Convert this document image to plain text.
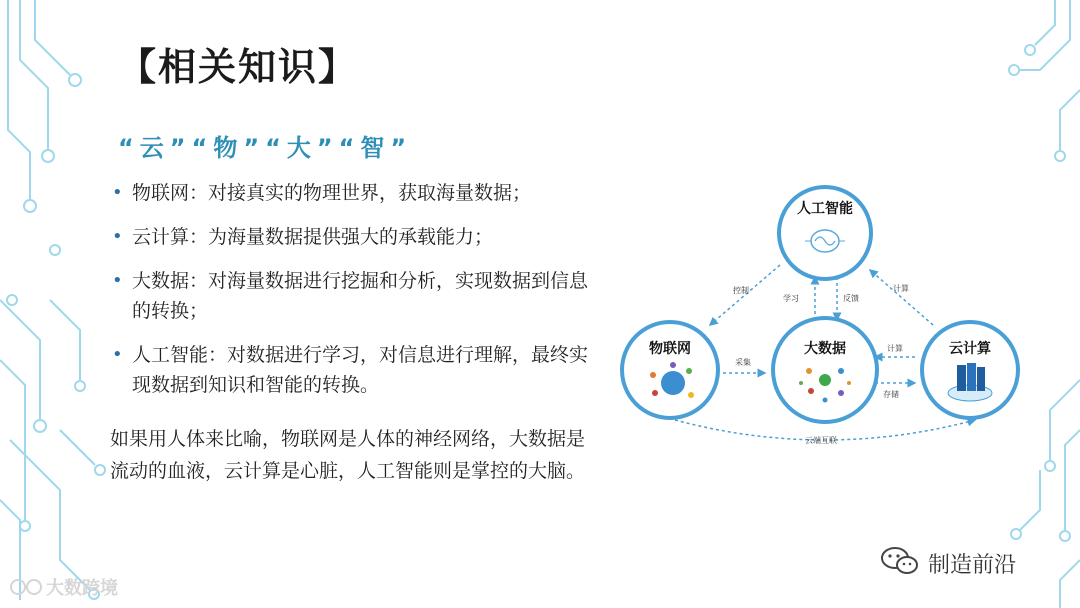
【相关知识】
“云”“物”“大”“智”
• 物联网：对接真实的物理世界，获取海量数据；
• 云计算：为海量数据提供强大的承载能力；
• 大数据：对海量数据进行挖掘和分析，实现数据到信息的转换；
• 人工智能：对数据进行学习，对信息进行理解，最终实现数据到知识和智能的转换。
如果用人体来比喻，物联网是人体的神经网络，大数据是流动的血液，云计算是心脏，人工智能则是掌控的大脑。
控制
学习	反馈
计算
采集
计算
存储
云端互联
人工智能
物联网	大数据	云计算
大数跨境
制造前沿
